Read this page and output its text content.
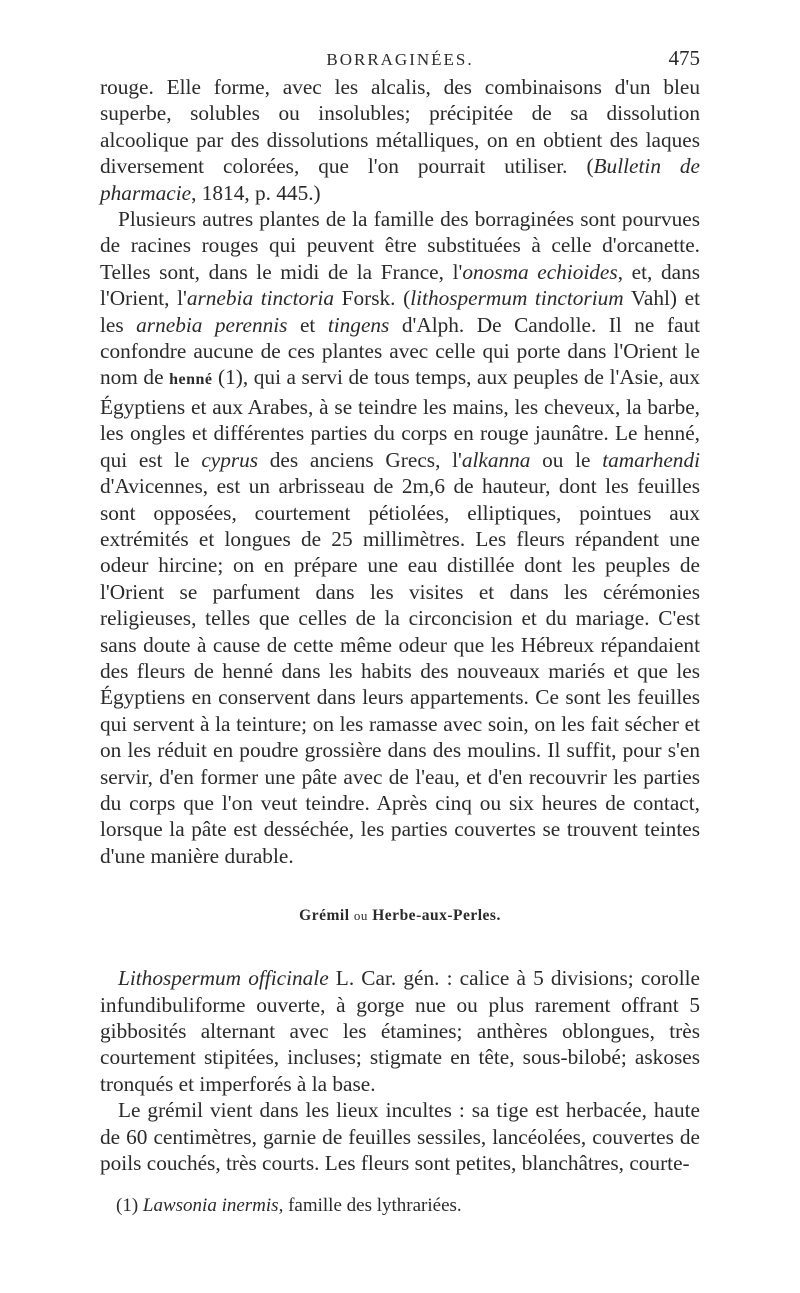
BORRAGINÉES.	475

rouge. Elle forme, avec les alcalis, des combinaisons d'un bleu superbe, solubles ou insolubles; précipitée de sa dissolution alcoolique par des dissolutions métalliques, on en obtient des laques diversement colorées, que l'on pourrait utiliser. (Bulletin de pharmacie, 1814, p. 445.)

Plusieurs autres plantes de la famille des borraginées sont pourvues de racines rouges qui peuvent être substituées à celle d'orcanette. Telles sont, dans le midi de la France, l'onosma echioides, et, dans l'Orient, l'arnebia tinctoria Forsk. (lithospermum tinctorium Vahl) et les arnebia perennis et tingens d'Alph. De Candolle. Il ne faut confondre aucune de ces plantes avec celle qui porte dans l'Orient le nom de henné (1), qui a servi de tous temps, aux peuples de l'Asie, aux Égyptiens et aux Arabes, à se teindre les mains, les cheveux, la barbe, les ongles et différentes parties du corps en rouge jaunâtre. Le henné, qui est le cyprus des anciens Grecs, l'alkanna ou le tamarhendi d'Avicennes, est un arbrisseau de 2m,6 de hauteur, dont les feuilles sont opposées, courtement pétiolées, elliptiques, pointues aux extrémités et longues de 25 millimètres. Les fleurs répandent une odeur hircine; on en prépare une eau distillée dont les peuples de l'Orient se parfument dans les visites et dans les cérémonies religieuses, telles que celles de la circoncision et du mariage. C'est sans doute à cause de cette même odeur que les Hébreux répandaient des fleurs de henné dans les habits des nouveaux mariés et que les Égyptiens en conservent dans leurs appartements. Ce sont les feuilles qui servent à la teinture; on les ramasse avec soin, on les fait sécher et on les réduit en poudre grossière dans des moulins. Il suffit, pour s'en servir, d'en former une pâte avec de l'eau, et d'en recouvrir les parties du corps que l'on veut teindre. Après cinq ou six heures de contact, lorsque la pâte est desséchée, les parties couvertes se trouvent teintes d'une manière durable.

Grémil ou Herbe-aux-Perles.

Lithospermum officinale L. Car. gén. : calice à 5 divisions; corolle infundibuliforme ouverte, à gorge nue ou plus rarement offrant 5 gibbosités alternant avec les étamines; anthères oblongues, très courtement stipitées, incluses; stigmate en tête, sous-bilobé; askoses tronqués et imperforés à la base.

Le grémil vient dans les lieux incultes : sa tige est herbacée, haute de 60 centimètres, garnie de feuilles sessiles, lancéolées, couvertes de poils couchés, très courts. Les fleurs sont petites, blanchâtres, courte-

(1) Lawsonia inermis, famille des lythrariées.
